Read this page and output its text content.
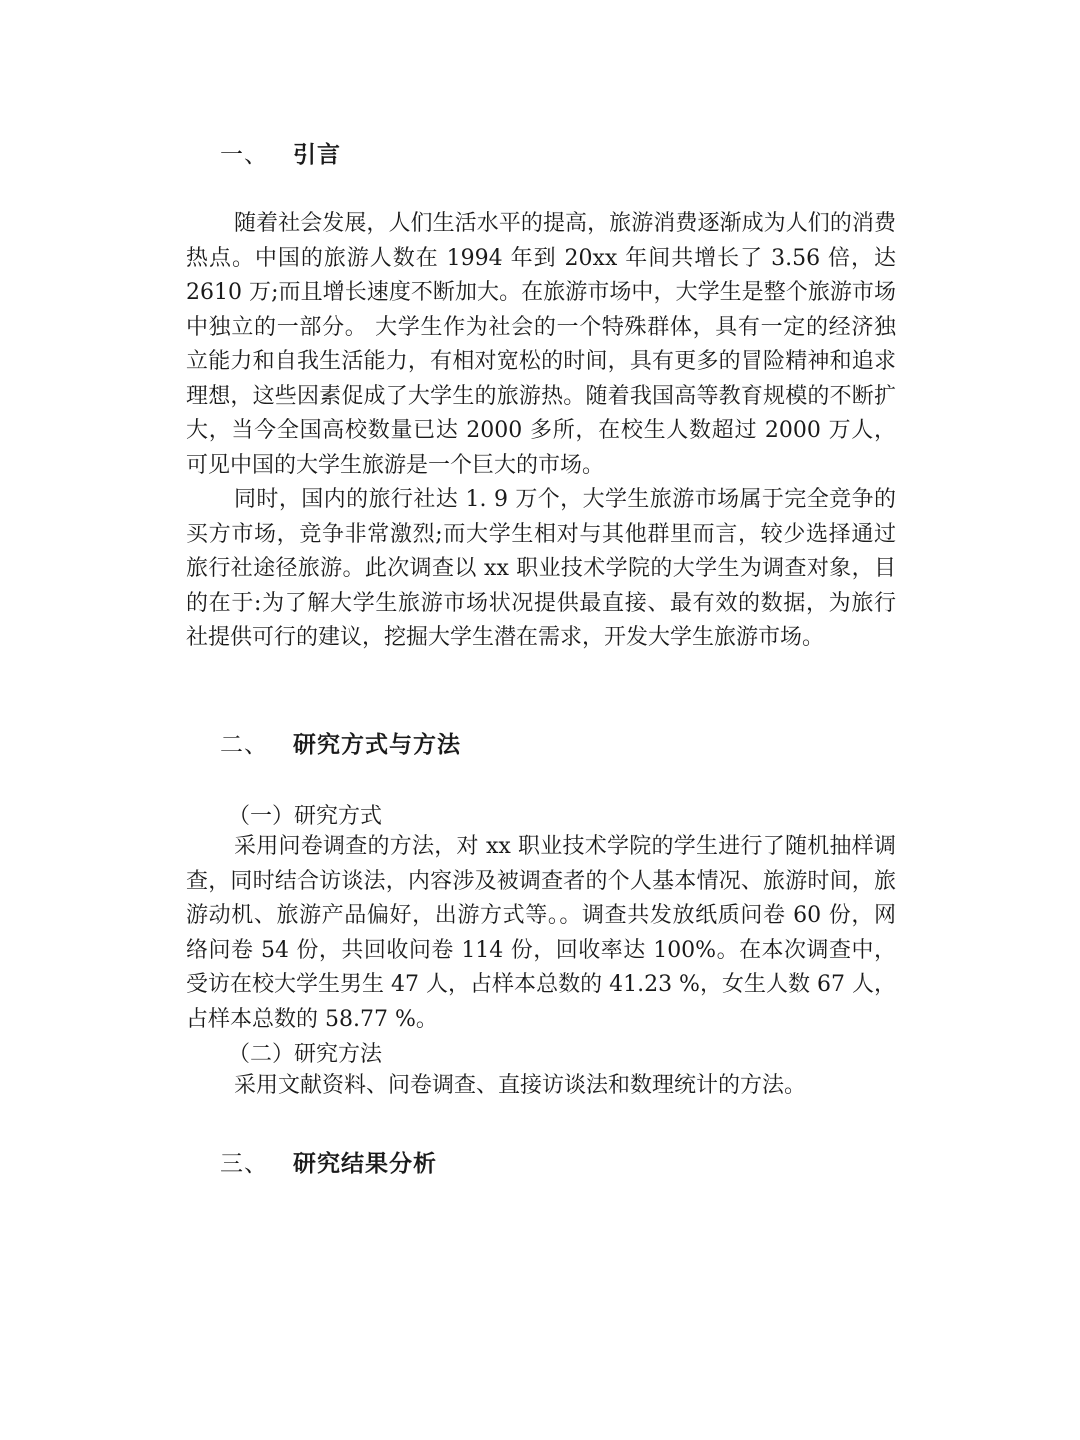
一、 引言

随着社会发展，人们生活水平的提高，旅游消费逐渐成为人们的消费热点。中国的旅游人数在 1994 年到 20xx 年间共增长了 3.56 倍，达 2610 万;而且增长速度不断加大。在旅游市场中，大学生是整个旅游市场中独立的一部分。 大学生作为社会的一个特殊群体，具有一定的经济独立能力和自我生活能力，有相对宽松的时间，具有更多的冒险精神和追求理想，这些因素促成了大学生的旅游热。随着我国高等教育规模的不断扩大，当今全国高校数量已达 2000 多所，在校生人数超过 2000 万人，可见中国的大学生旅游是一个巨大的市场。

同时，国内的旅行社达 1. 9 万个，大学生旅游市场属于完全竞争的买方市场，竞争非常激烈;而大学生相对与其他群里而言，较少选择通过旅行社途径旅游。此次调查以 xx 职业技术学院的大学生为调查对象，目的在于:为了解大学生旅游市场状况提供最直接、最有效的数据，为旅行社提供可行的建议，挖掘大学生潜在需求，开发大学生旅游市场。

二、 研究方式与方法
（一）研究方式

采用问卷调查的方法，对 xx 职业技术学院的学生进行了随机抽样调查，同时结合访谈法，内容涉及被调查者的个人基本情况、旅游时间，旅游动机、旅游产品偏好，出游方式等。。调查共发放纸质问卷 60 份，网络问卷 54 份，共回收问卷 114 份，回收率达 100%。在本次调查中，受访在校大学生男生 47 人，占样本总数的 41.23 %，女生人数 67 人，占样本总数的 58.77 %。

（二）研究方法

采用文献资料、问卷调查、直接访谈法和数理统计的方法。

三、 研究结果分析
